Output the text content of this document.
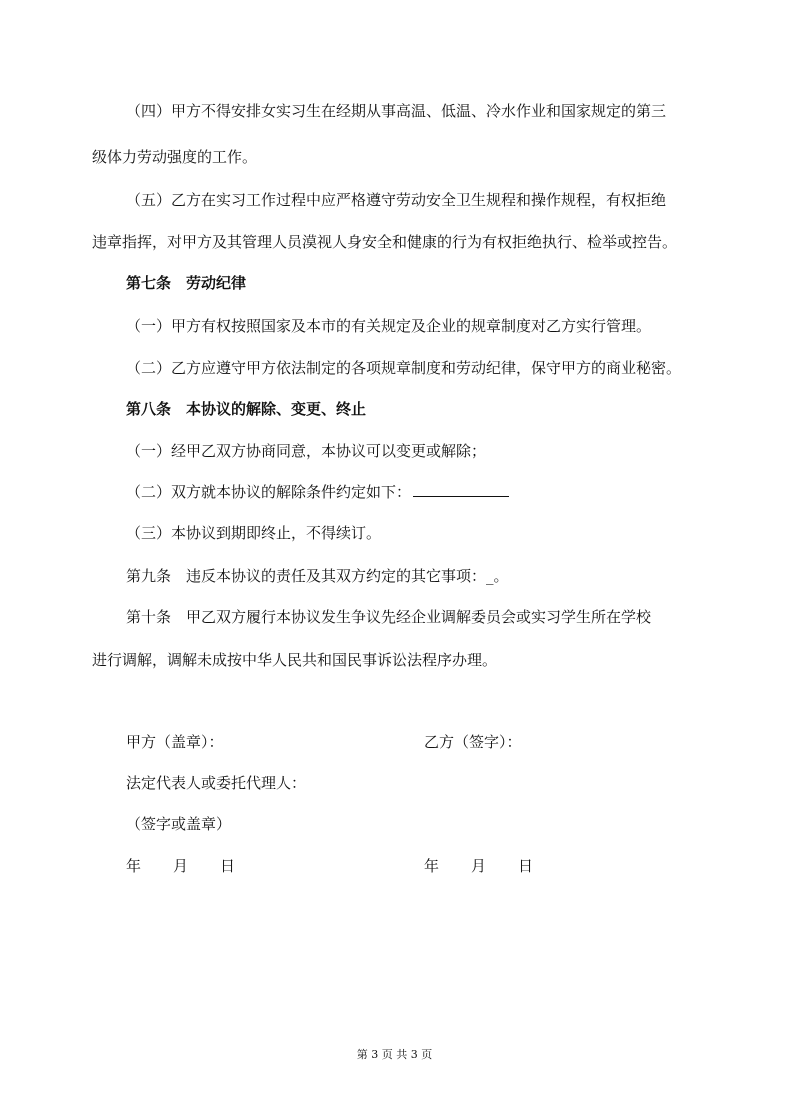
（四）甲方不得安排女实习生在经期从事高温、低温、冷水作业和国家规定的第三
级体力劳动强度的工作。
（五）乙方在实习工作过程中应严格遵守劳动安全卫生规程和操作规程，有权拒绝
违章指挥，对甲方及其管理人员漠视人身安全和健康的行为有权拒绝执行、检举或控告。
第七条　劳动纪律
（一）甲方有权按照国家及本市的有关规定及企业的规章制度对乙方实行管理。
（二）乙方应遵守甲方依法制定的各项规章制度和劳动纪律，保守甲方的商业秘密。
第八条　本协议的解除、变更、终止
（一）经甲乙双方协商同意，本协议可以变更或解除；
（二）双方就本协议的解除条件约定如下：
（三）本协议到期即终止，不得续订。
第九条　违反本协议的责任及其双方约定的其它事项：_。
第十条　甲乙双方履行本协议发生争议先经企业调解委员会或实习学生所在学校
进行调解，调解未成按中华人民共和国民事诉讼法程序办理。
甲方（盖章）：	乙方（签字）：
法定代表人或委托代理人：
（签字或盖章）
年 月 日	年 月 日
第 3 页 共 3 页
